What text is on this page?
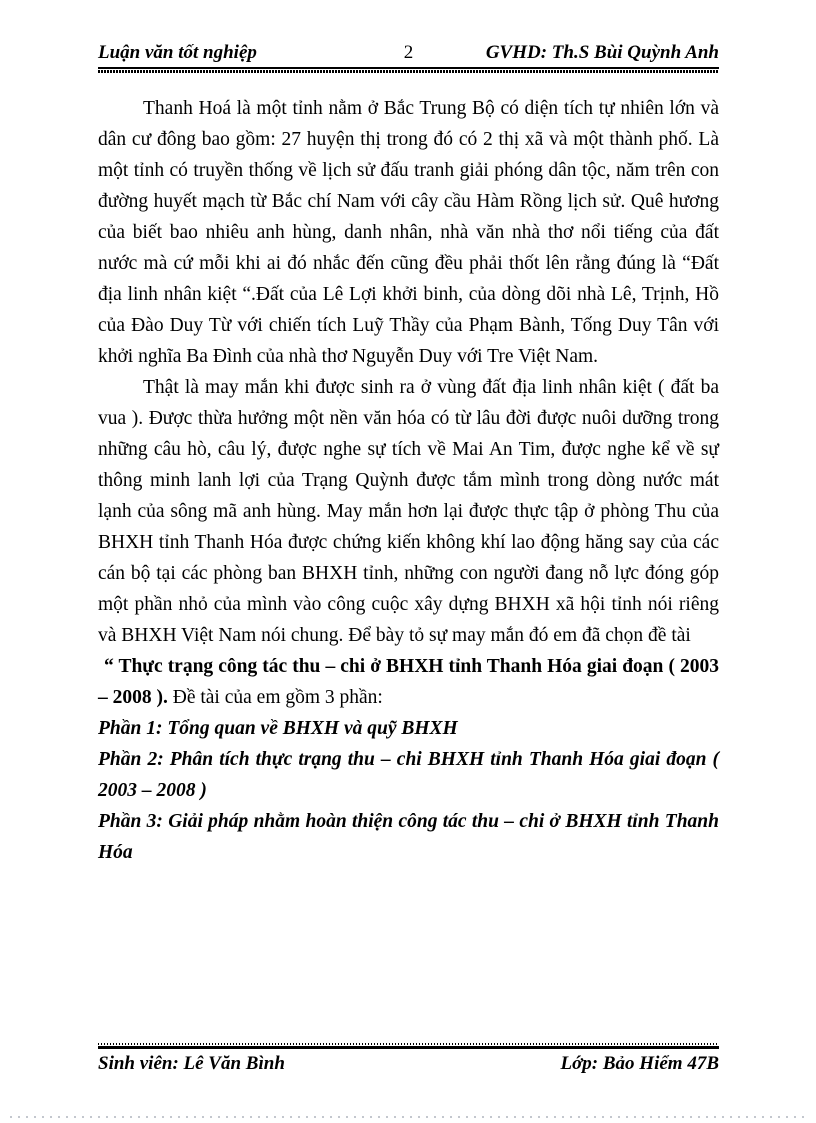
Luận văn tốt nghiệp	2	GVHD: Th.S Bùi Quỳnh Anh

Thanh Hoá là một tỉnh nằm ở Bắc Trung Bộ có diện tích tự nhiên lớn và dân cư đông bao gồm: 27 huyện thị trong đó có 2 thị xã và một thành phố. Là một tỉnh có truyền thống về lịch sử đấu tranh giải phóng dân tộc, năm trên con đường huyết mạch từ Bắc chí Nam với cây cầu Hàm Rồng lịch sử. Quê hương của biết bao nhiêu anh hùng, danh nhân, nhà văn nhà thơ nổi tiếng của đất nước mà cứ mỗi khi ai đó nhắc đến cũng đều phải thốt lên rằng đúng là “Đất địa linh nhân kiệt “.Đất của Lê Lợi khởi binh, của dòng dõi nhà Lê, Trịnh, Hồ của Đào Duy Từ với chiến tích Luỹ Thầy của Phạm Bành, Tống Duy Tân với khởi nghĩa Ba Đình của nhà thơ Nguyễn Duy với Tre Việt Nam.

Thật là may mắn khi được sinh ra ở vùng đất địa linh nhân kiệt ( đất ba vua ). Được thừa hưởng một nền văn hóa có từ lâu đời được nuôi dưỡng trong những câu hò, câu lý, được nghe sự tích về Mai An Tim, được nghe kể về sự thông minh lanh lợi của Trạng Quỳnh được tắm mình trong dòng nước mát lạnh của sông mã anh hùng. May mắn hơn lại được thực tập ở phòng Thu của BHXH tỉnh Thanh Hóa được chứng kiến không khí lao động hăng say của các cán bộ tại các phòng ban BHXH tỉnh, những con người đang nỗ lực đóng góp một phần nhỏ của mình vào công cuộc xây dựng BHXH xã hội tỉnh nói riêng và BHXH Việt Nam nói chung. Để bày tỏ sự may mắn đó em đã chọn đề tài

“ Thực trạng công tác thu – chi ở BHXH tỉnh Thanh Hóa giai đoạn ( 2003 – 2008 ). Đề tài của em gồm 3 phần:

Phần 1: Tổng quan về BHXH và quỹ BHXH

Phần 2: Phân tích thực trạng thu – chi BHXH tỉnh Thanh Hóa giai đoạn ( 2003 – 2008 )

Phần 3: Giải pháp nhằm hoàn thiện công tác thu – chi ở BHXH tỉnh Thanh Hóa

Sinh viên: Lê Văn Bình	Lớp: Bảo Hiểm 47B
